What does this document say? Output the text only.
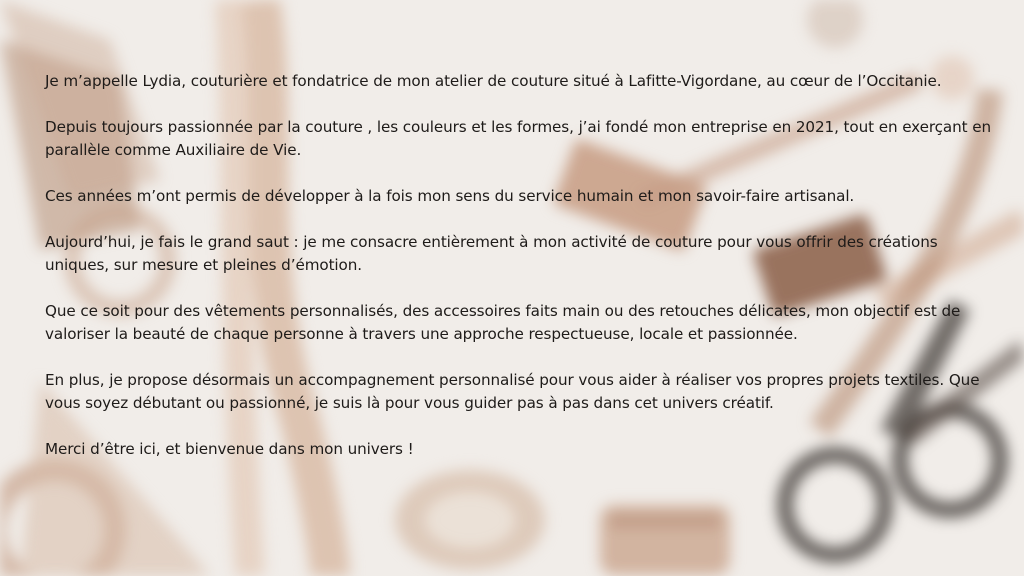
Je m’appelle Lydia, couturière et fondatrice de mon atelier de couture situé à Lafitte-Vigordane, au cœur de l’Occitanie.

Depuis toujours passionnée par la couture , les couleurs et les formes, j’ai fondé mon entreprise en 2021, tout en exerçant en parallèle comme Auxiliaire de Vie.

Ces années m’ont permis de développer à la fois mon sens du service humain et mon savoir-faire artisanal.

Aujourd’hui, je fais le grand saut : je me consacre entièrement à mon activité de couture pour vous offrir des créations uniques, sur mesure et pleines d’émotion.

Que ce soit pour des vêtements personnalisés, des accessoires faits main ou des retouches délicates, mon objectif est de valoriser la beauté de chaque personne à travers une approche respectueuse, locale et passionnée.

En plus, je propose désormais un accompagnement personnalisé pour vous aider à réaliser vos propres projets textiles. Que vous soyez débutant ou passionné, je suis là pour vous guider pas à pas dans cet univers créatif.

Merci d’être ici, et bienvenue dans mon univers !
